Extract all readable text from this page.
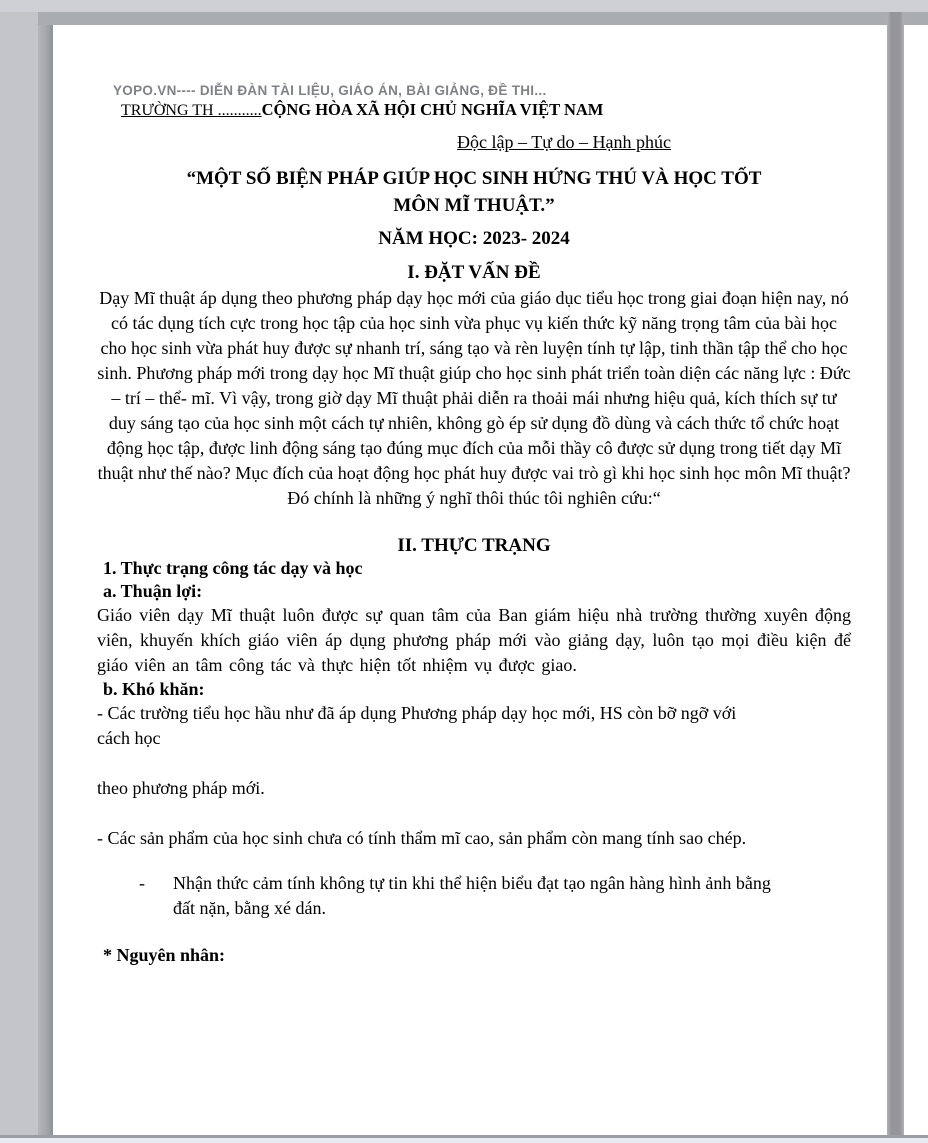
YOPO.VN---- DIỄN ĐÀN TÀI LIỆU, GIÁO ÁN, BÀI GIẢNG, ĐỀ THI...
TRƯỜNG TH ...........CỘNG HÒA XÃ HỘI CHỦ NGHĨA VIỆT NAM
Độc lập – Tự do – Hạnh phúc
“MỘT SỐ BIỆN PHÁP GIÚP HỌC SINH HỨNG THÚ VÀ HỌC TỐT
MÔN MĨ THUẬT.”
NĂM HỌC: 2023- 2024
I. ĐẶT VẤN ĐỀ
Dạy Mĩ thuật áp dụng theo phương pháp dạy học mới của giáo dục tiểu học trong giai đoạn hiện nay, nó có tác dụng tích cực trong học tập của học sinh vừa phục vụ kiến thức kỹ năng trọng tâm của bài học cho học sinh vừa phát huy được sự nhanh trí, sáng tạo và rèn luyện tính tự lập, tinh thần tập thể cho học sinh. Phương pháp mới trong dạy học Mĩ thuật giúp cho học sinh phát triển toàn diện các năng lực : Đức – trí – thể- mĩ. Vì vậy, trong giờ dạy Mĩ thuật phải diễn ra thoải mái nhưng hiệu quả, kích thích sự tư duy sáng tạo của học sinh một cách tự nhiên, không gò ép sử dụng đồ dùng và cách thức tổ chức hoạt động học tập, được linh động sáng tạo đúng mục đích của mỗi thầy cô được sử dụng trong tiết dạy Mĩ thuật như thế nào? Mục đích của hoạt động học phát huy được vai trò gì khi học sinh học môn Mĩ thuật? Đó chính là những ý nghĩ thôi thúc tôi nghiên cứu:“
II. THỰC TRẠNG
1. Thực trạng công tác dạy và học
a. Thuận lợi:
Giáo viên dạy Mĩ thuật luôn được sự quan tâm của Ban giám hiệu nhà trường thường xuyên động viên, khuyến khích giáo viên áp dụng phương pháp mới vào giảng dạy, luôn tạo mọi điều kiện để giáo viên an tâm công tác và thực hiện tốt nhiệm vụ được giao.
b. Khó khăn:
- Các trường tiểu học hầu như đã áp dụng Phương pháp dạy học mới, HS còn bỡ ngỡ với cách học
theo phương pháp mới.
- Các sản phẩm của học sinh chưa có tính thẩm mĩ cao, sản phẩm còn mang tính sao chép.
-	Nhận thức cảm tính không tự tin khi thể hiện biểu đạt tạo ngân hàng hình ảnh bằng đất nặn, bằng xé dán.
* Nguyên nhân:
